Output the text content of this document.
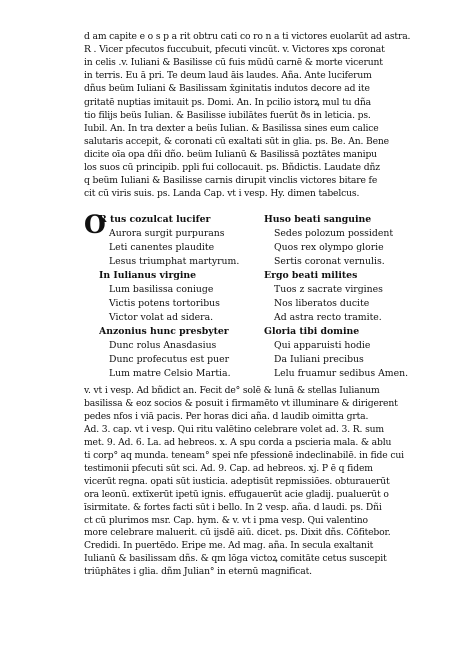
d am capite e o s p a rit obtru cati co ro n a ti victores euolarūt ad astra.
R . Vicer pfecutos fuccubuit, pfecuti vincūt. v. Victores xps coronat
in celis .v. Iuliani & Basilisse cū fuis müdū carnē & morte vicerunt
in terris. Eu ā pri. Te deum laud āis laudes. Aña. Ante luciferum
dñus beüm Iuliani & Basilissam x̄ginitatis indutos decore ad ite
gritatē nuptias imitauit ps. Domi. An. In pcilio istorꝝ mul tu dña
tio filijs beüs Iulian. & Basilisse iubilātes fuerūt ðs in leticia. ps.
Iubil. An. In tra dexter a beüs Iulian. & Basilissa sines eum calice
salutaris accepit, & coronati cū exaltati sūt in glia. ps. Be. An. Bene
dicite oīa opa dñi dño. beüm Iulianū & Basilissā poztātes manipu
los suos cū principib. ppli fui collocauit. ps. Bñdictis. Laudate dñz
q beüm Iuliani & Basilisse carnis dirupit vinclis victores bitare fe
cit cū viris suis. ps. Landa Cap. vt i vesp. Hy. dimen tabelcus.
O
R tus cozulcat lucifer
Aurora surgit purpurans
Leti canentes plaudite
Lesus triumphat martyrum.
In Iulianus virgine
Lum basilissa coniuge
Victis potens tortoribus
Victor volat ad sidera.
Anzonius hunc presbyter
Dunc rolus Anasdasius
Dunc profecutus est puer
Lum matre Celsio Martia.
Huso beati sanguine
Sedes polozum possident
Quos rex olympo glorie
Sertis coronat vernulis.
Ergo beati milites
Tuos z sacrate virgines
Nos liberatos ducite
Ad astra recto tramite.
Gloria tibi domine
Qui apparuisti hodie
Da Iuliani precibus
Lelu fruamur sedibus Amen.
v. vt i vesp. Ad bñdict an. Fecit de° solē & lunā & stellas Iulianum
basilissa & eoz socios & posuit i firmamēto vt illuminare & dirigerent
pedes nfos i viā pacis. Per horas dici aña. d laudib oimitta grta.
Ad. 3. cap. vt i vesp. Qui ritu valētino celebrare volet ad. 3. R. sum
met. 9. Ad. 6. La. ad hebreos. x. A spu corda a pscieria mala. & ablu
ti corp° aq munda. teneam° spei nfe pfessionē indeclinabilē. in fide cui
testimonii pfecuti sūt sci. Ad. 9. Cap. ad hebreos. xj. P ē q fidem
vicerūt regna. opati sūt iusticia. adeptisūt repmissiōes. obturauerūt
ora leonū. extīxerūt ipetū ignis. effugauerūt acie gladij. pualuerūt o
īsirmitate. & fortes facti sūt i bello. In 2 vesp. aña. d laudi. ps. Dñi
ct cū plurimos msr. Cap. hym. & v. vt i pma vesp. Qui valentino
more celebrare maluerit. cū ijsdē aiū. dicet. ps. Dixit dñs. Cōfitebor.
Credidi. In puertēdo. Eripe me. Ad mag. aña. In secula exaltanit
Iulianū & basilissam dñs. & qm lōga victoꝝ comitāte cetus suscepit
triūphātes i glia. dñm Julian° in eternū magnificat.
